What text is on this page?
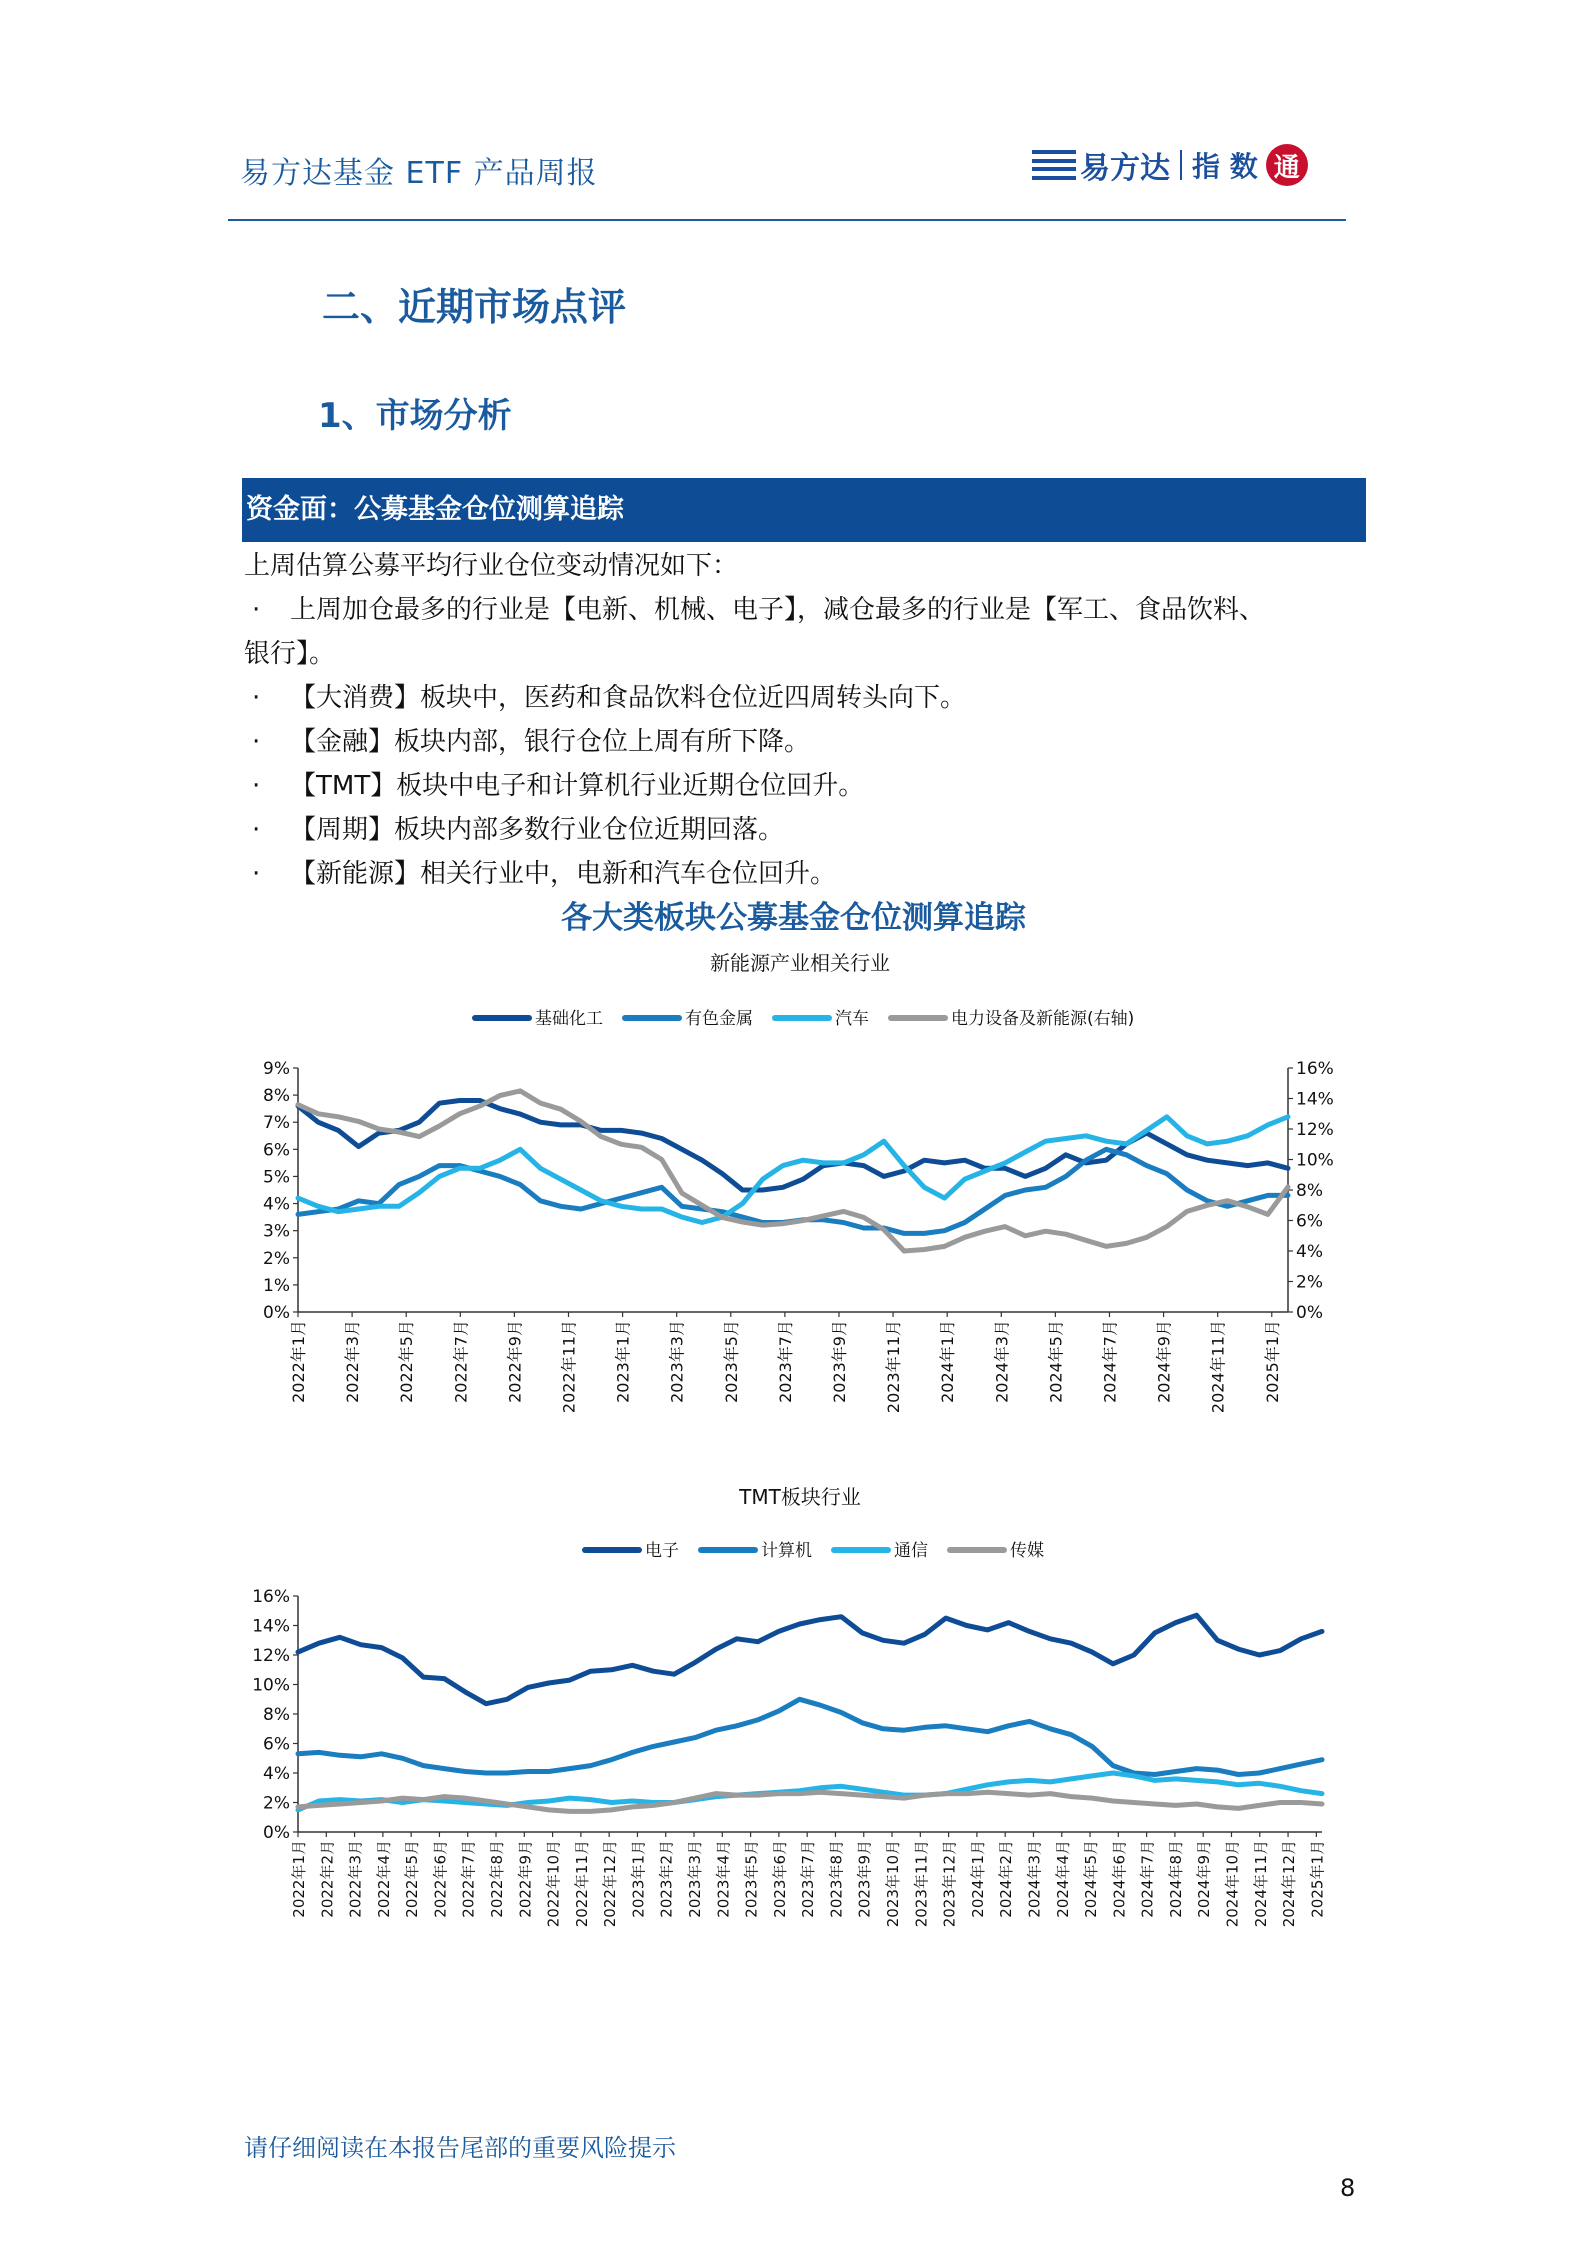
易方达基金 ETF 产品周报	易方达 指 数 通
二、近期市场点评
1、市场分析
资金面：公募基金仓位测算追踪

上周估算公募平均行业仓位变动情况如下：

· 上周加仓最多的行业是【电新、机械、电子】，减仓最多的行业是【军工、食品饮料、

银行】。

· 【大消费】板块中，医药和食品饮料仓位近四周转头向下。

· 【金融】板块内部，银行仓位上周有所下降。

· 【TMT】板块中电子和计算机行业近期仓位回升。

· 【周期】板块内部多数行业仓位近期回落。

· 【新能源】相关行业中，电新和汽车仓位回升。

各大类板块公募基金仓位测算追踪
新能源产业相关行业
基础化工	有色金属	汽车	电力设备及新能源(右轴)
0%
1%
2%
3%
4%
5%
6%
7%
8%
9%
0%
2%
4%
6%
8%
10%
12%
14%
16%
2022年1月 2022年3月 2022年5月 2022年7月 2022年9月 2022年11月 2023年1月 2023年3月 2023年5月 2023年7月 2023年9月 2023年11月 2024年1月 2024年3月 2024年5月 2024年7月 2024年9月 2024年11月 2025年1月
TMT板块行业
电子	计算机	通信	传媒
0%
2%
4%
6%
8%
10%
12%
14%
16%
2022年1月 2022年2月 2022年3月 2022年4月 2022年5月 2022年6月 2022年7月 2022年8月 2022年9月 2022年10月 2022年11月 2022年12月 2023年1月 2023年2月 2023年3月 2023年4月 2023年5月 2023年6月 2023年7月 2023年8月 2023年9月 2023年10月 2023年11月 2023年12月 2024年1月 2024年2月 2024年3月 2024年4月 2024年5月 2024年6月 2024年7月 2024年8月 2024年9月 2024年10月 2024年11月 2024年12月 2025年1月
请仔细阅读在本报告尾部的重要风险提示
8
